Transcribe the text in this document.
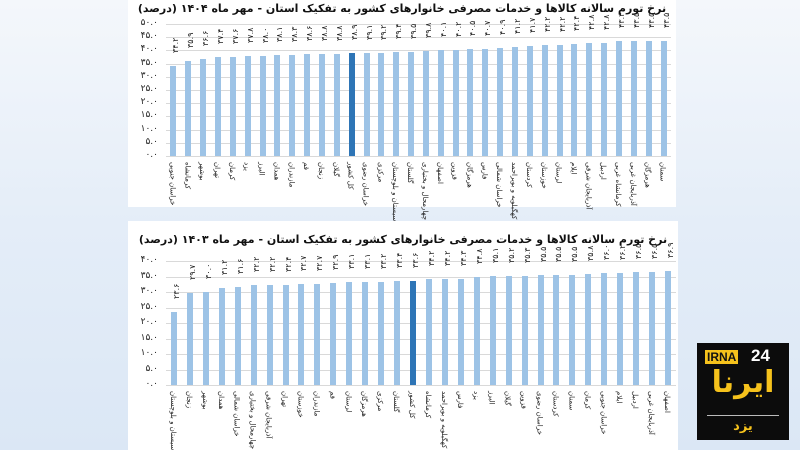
نرخ تورم سالانه کالاها و خدمات مصرفی خانوارهای کشور به تفکیک استان - مهر ماه ۱۴۰۴ (درصد)
۰.۰
۵.۰
۱۰.۰
۱۵.۰
۲۰.۰
۲۵.۰
۳۰.۰
۳۵.۰
۴۰.۰
۴۵.۰
۵۰.۰
۳۴.۲
خراسان جنوبی
۳۵.۹
کرمانشاه
۳۶.۶
بوشهر
۳۷.۴
تهران
۳۷.۶
کرمان
۳۷.۸
یزد
۳۸.۰
البرز
۳۸.۱
همدان
۳۸.۳
مازندران
۳۸.۶
قم
۳۸.۸
زنجان
۳۸.۸
گیلان
۳۸.۹
کل کشور
۳۹.۱
خراسان رضوی
۳۹.۲
مرکزی
۳۹.۴
سیستان و بلوچستان
۳۹.۵
گلستان
۳۹.۸
چهارمحال و بختیاری
۴۰.۱
اصفهان
۴۰.۲
قزوین
۴۰.۵
هرمزگان
۴۰.۷
فارس
۴۰.۹
خراسان شمالی
۴۱.۲
کهگیلویه و بویراحمد
۴۱.۷
کردستان
۴۲.۲
خوزستان
۴۲.۲
لرستان
۴۲.۴
ایلام
۴۲.۸
آذربایجان شرقی
۴۲.۸
اردبیل
۴۳.۴
کرمانشاه غربی
۴۳.۵
آذربایجان غربی
۴۳.۵
هرمزگان
۴۳.۵
سمنان
نرخ تورم سالانه کالاها و خدمات مصرفی خانوارهای کشور به تفکیک استان - مهر ماه ۱۴۰۳ (درصد)
۰.۰
۵.۰
۱۰.۰
۱۵.۰
۲۰.۰
۲۵.۰
۳۰.۰
۳۵.۰
۴۰.۰
۲۳.۶
سیستان و بلوچستان
۲۹.۷
زنجان
۳۰.۰
بوشهر
۳۱.۲
همدان
۳۱.۶
خراسان شمالی
۳۲.۲
چهارمحال و بختیاری
۳۲.۲
آذربایجان شرقی
۳۲.۴
تهران
۳۲.۷
خوزستان
۳۲.۷
مازندران
۳۲.۹
قم
۳۳.۱
لرستان
۳۳.۱
هرمزگان
۳۳.۲
مرکزی
۳۳.۴
گلستان
۳۳.۶
کل کشور
۳۴.۲
کرمانشاه
۳۴.۲
کهگیلویه و بویراحمد
۳۴.۳
فارس
۳۴.۸
یزد
۳۵.۱
البرز
۳۵.۲
گیلان
۳۵.۳
قزوین
۳۵.۵
خراسان رضوی
۳۵.۵
کردستان
۳۵.۵
سمنان
۳۵.۸
کرمان
۳۶.۰
خراسان جنوبی
۳۶.۲
ایلام
۳۶.۵
اردبیل
۳۶.۵
آذربایجان غربی
۳۶.۹
اصفهان
IRNA 24
ایرنا
یزد
